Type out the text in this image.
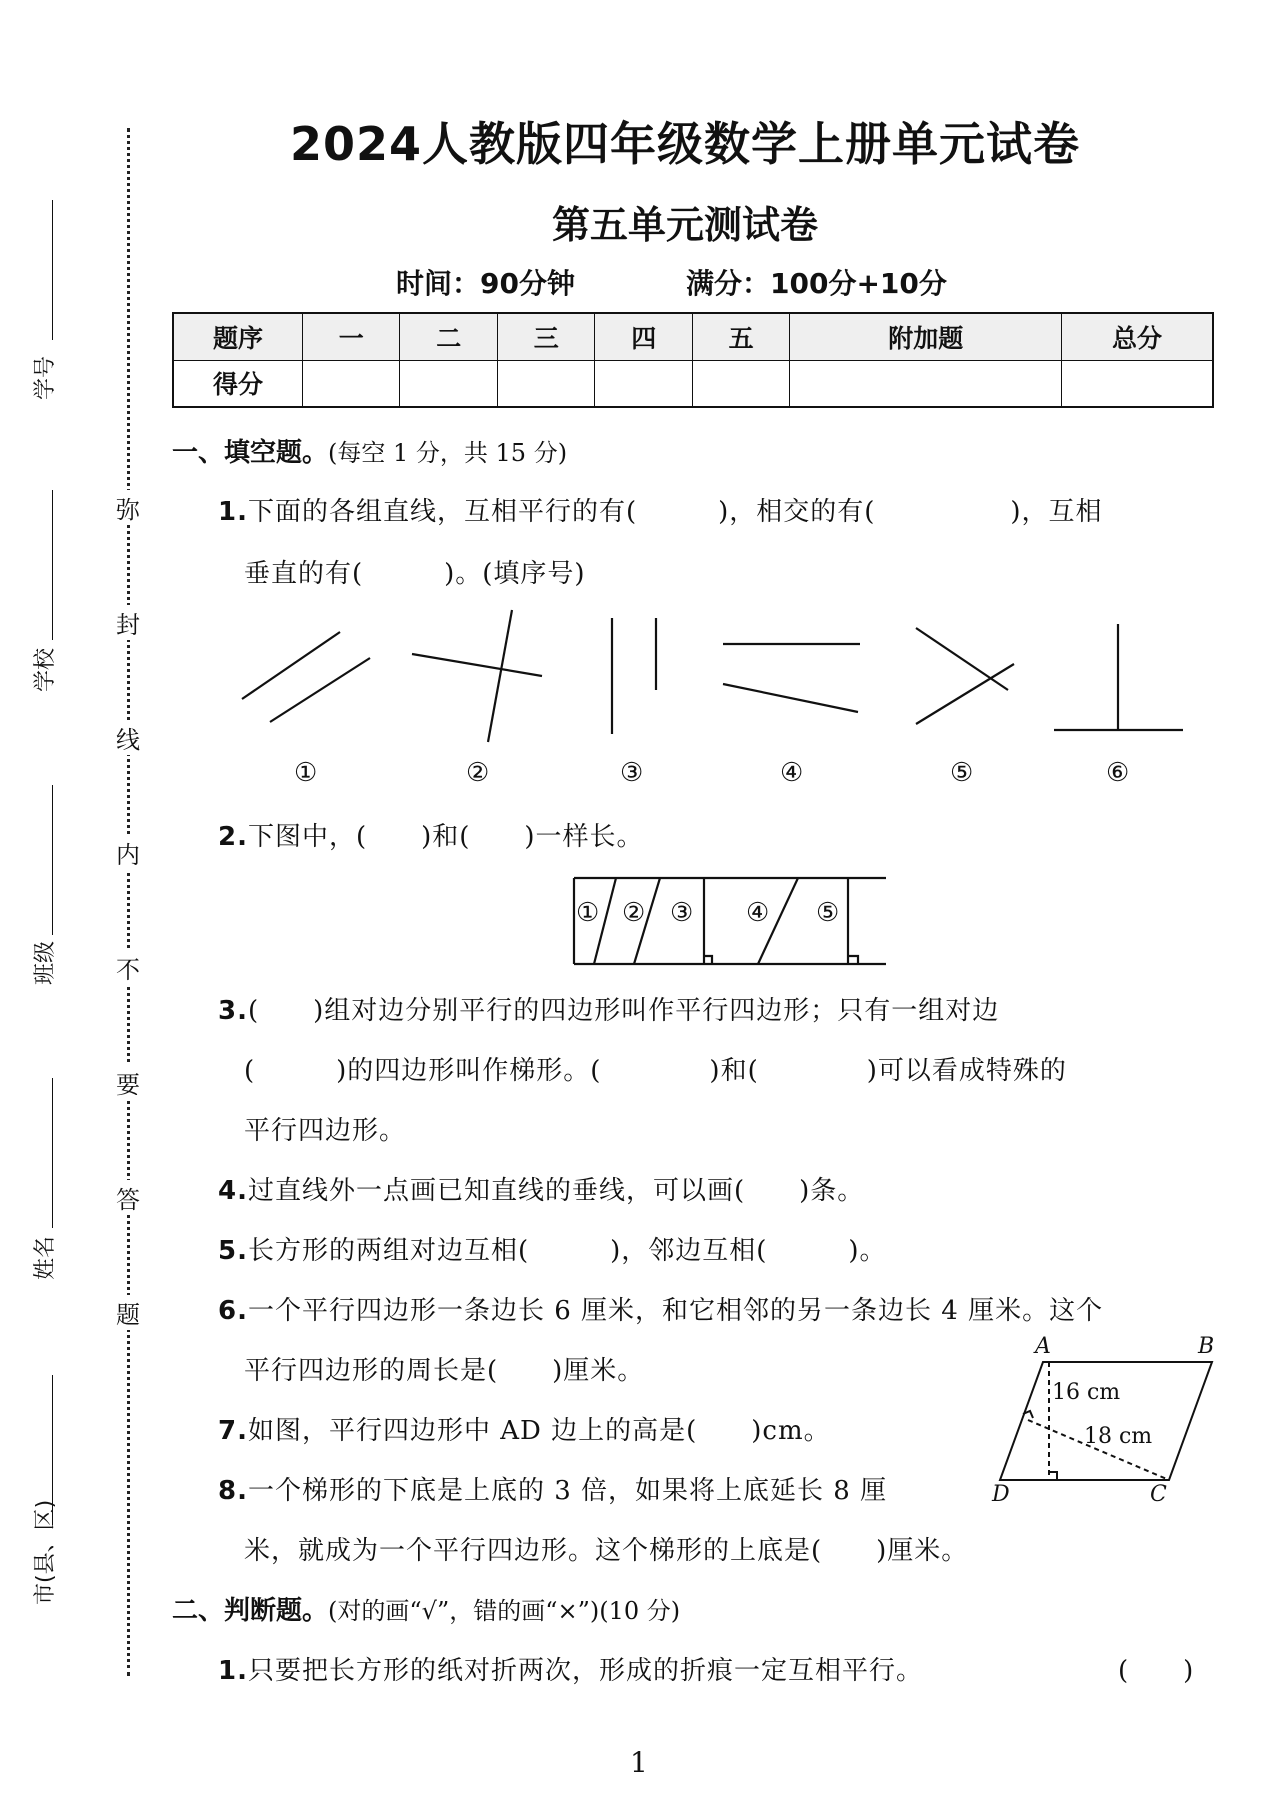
学号
学校
班级
姓名
市(县、区)
弥
封
线
内
不
要
答
题
2024人教版四年级数学上册单元试卷
第五单元测试卷
时间：90分钟	满分：100分+10分
题序	一	二	三	四	五	附加题	总分
得分							
一、填空题。(每空 1 分，共 15 分)
1.下面的各组直线，互相平行的有(　　　)，相交的有(　　　　　)，互相
垂直的有(　　　)。(填序号)
①	②	③	④	⑤	⑥
2.下图中，(　　)和(　　)一样长。
① ② ③ ④ ⑤
3.(　　)组对边分别平行的四边形叫作平行四边形；只有一组对边
(　　　)的四边形叫作梯形。(　　　　)和(　　　　)可以看成特殊的
平行四边形。
4.过直线外一点画已知直线的垂线，可以画(　　)条。
5.长方形的两组对边互相(　　　)，邻边互相(　　　)。
6.一个平行四边形一条边长 6 厘米，和它相邻的另一条边长 4 厘米。这个
平行四边形的周长是(　　)厘米。
7.如图，平行四边形中 AD 边上的高是(　　)cm。
A	B
C
D
16 cm
18 cm
8.一个梯形的下底是上底的 3 倍，如果将上底延长 8 厘
米，就成为一个平行四边形。这个梯形的上底是(　　)厘米。
二、判断题。(对的画“√”，错的画“×”)(10 分)
1.只要把长方形的纸对折两次，形成的折痕一定互相平行。	(　　)
1
